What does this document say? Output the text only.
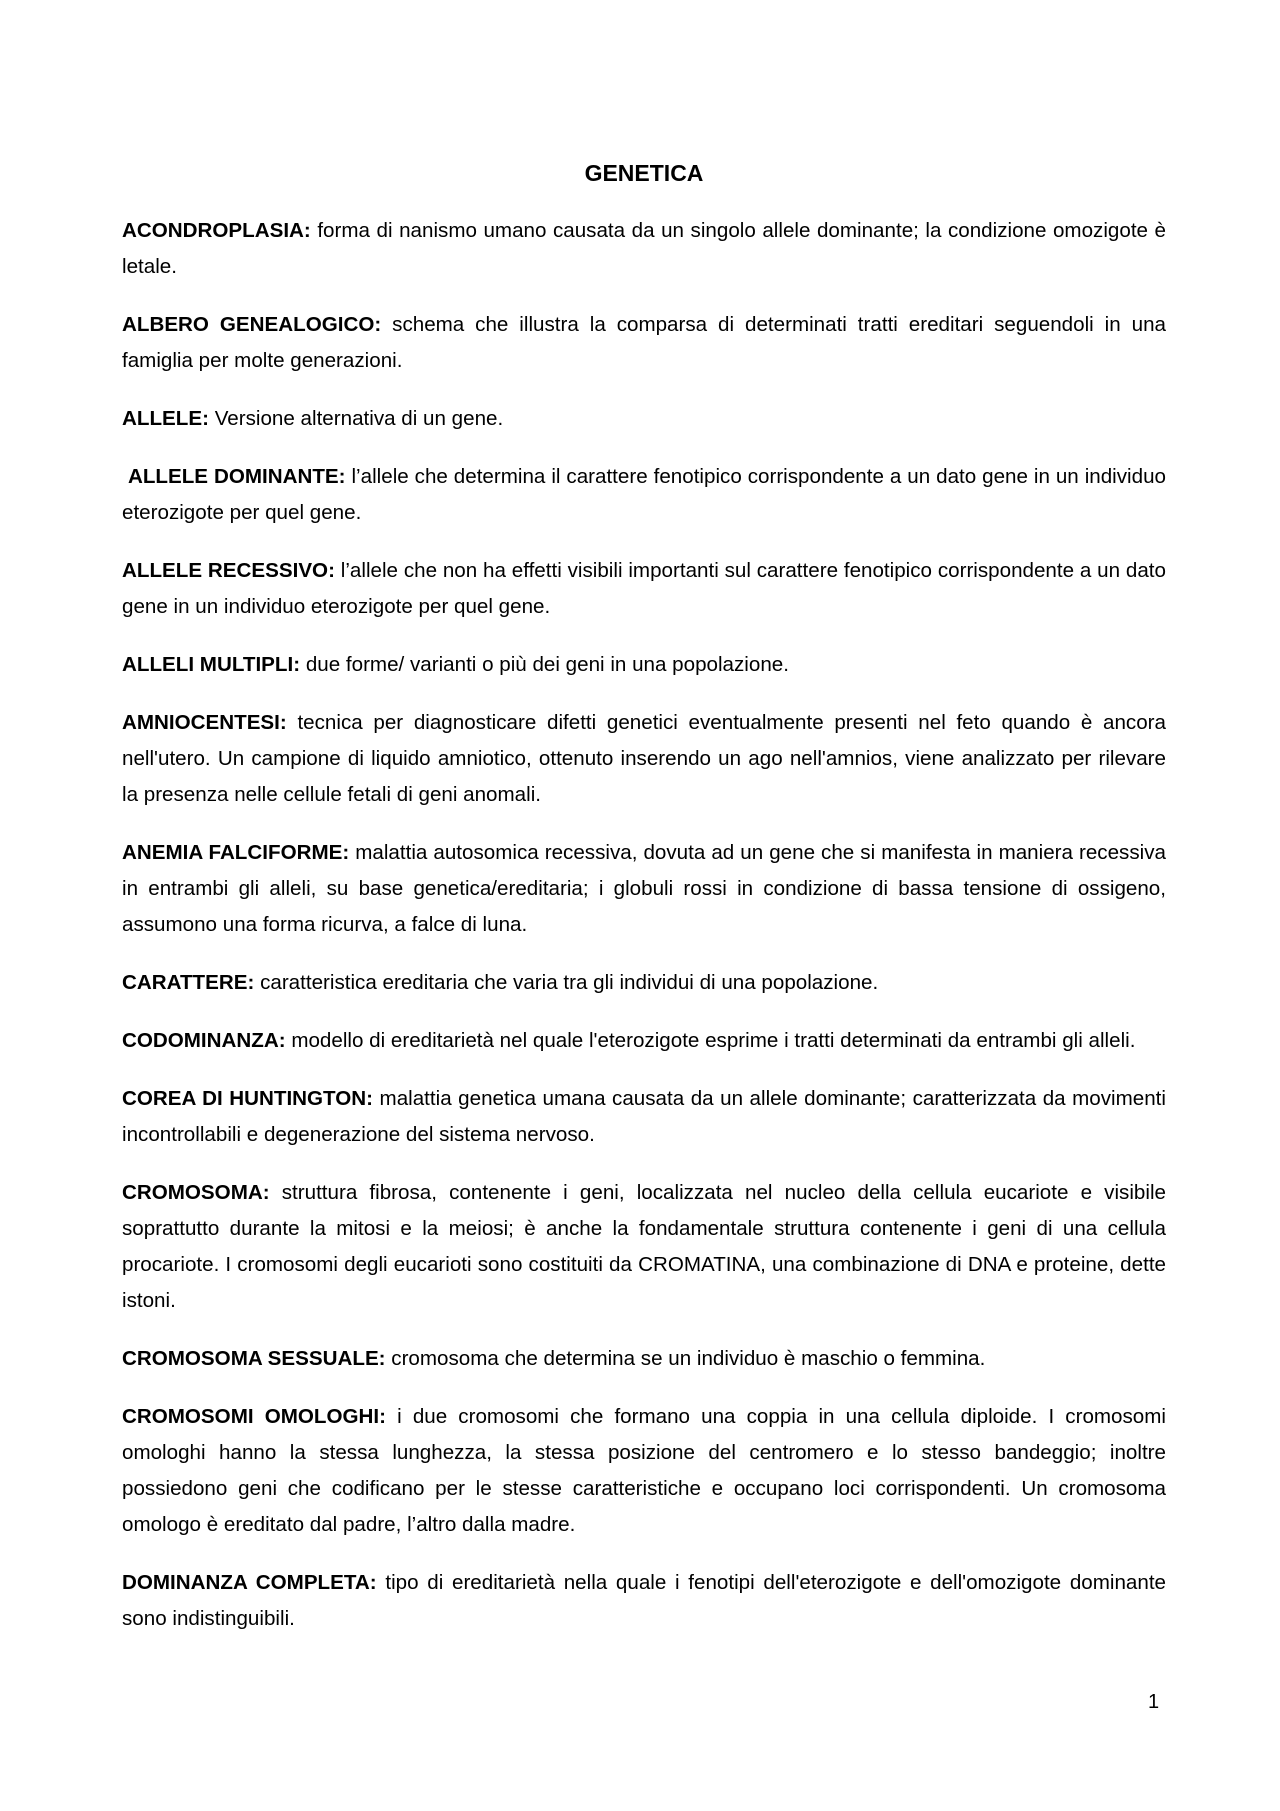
GENETICA

ACONDROPLASIA: forma di nanismo umano causata da un singolo allele dominante; la condizione omozigote è letale.

ALBERO GENEALOGICO: schema che illustra la comparsa di determinati tratti ereditari seguendoli in una famiglia per molte generazioni.

ALLELE: Versione alternativa di un gene.

ALLELE DOMINANTE: l’allele che determina il carattere fenotipico corrispondente a un dato gene in un individuo eterozigote per quel gene.

ALLELE RECESSIVO: l’allele che non ha effetti visibili importanti sul carattere fenotipico corrispondente a un dato gene in un individuo eterozigote per quel gene.

ALLELI MULTIPLI: due forme/ varianti o più dei geni in una popolazione.

AMNIOCENTESI: tecnica per diagnosticare difetti genetici eventualmente presenti nel feto quando è ancora nell'utero. Un campione di liquido amniotico, ottenuto inserendo un ago nell'amnios, viene analizzato per rilevare la presenza nelle cellule fetali di geni anomali.

ANEMIA FALCIFORME: malattia autosomica recessiva, dovuta ad un gene che si manifesta in maniera recessiva in entrambi gli alleli, su base genetica/ereditaria; i globuli rossi in condizione di bassa tensione di ossigeno, assumono una forma ricurva, a falce di luna.

CARATTERE: caratteristica ereditaria che varia tra gli individui di una popolazione.

CODOMINANZA: modello di ereditarietà nel quale l'eterozigote esprime i tratti determinati da entrambi gli alleli.

COREA DI HUNTINGTON: malattia genetica umana causata da un allele dominante; caratterizzata da movimenti incontrollabili e degenerazione del sistema nervoso.

CROMOSOMA: struttura fibrosa, contenente i geni, localizzata nel nucleo della cellula eucariote e visibile soprattutto durante la mitosi e la meiosi; è anche la fondamentale struttura contenente i geni di una cellula procariote. I cromosomi degli eucarioti sono costituiti da CROMATINA, una combinazione di DNA e proteine, dette istoni.

CROMOSOMA SESSUALE: cromosoma che determina se un individuo è maschio o femmina.

CROMOSOMI OMOLOGHI: i due cromosomi che formano una coppia in una cellula diploide. I cromosomi omologhi hanno la stessa lunghezza, la stessa posizione del centromero e lo stesso bandeggio; inoltre possiedono geni che codificano per le stesse caratteristiche e occupano loci corrispondenti. Un cromosoma omologo è ereditato dal padre, l’altro dalla madre.

DOMINANZA COMPLETA: tipo di ereditarietà nella quale i fenotipi dell'eterozigote e dell'omozigote dominante sono indistinguibili.

1
